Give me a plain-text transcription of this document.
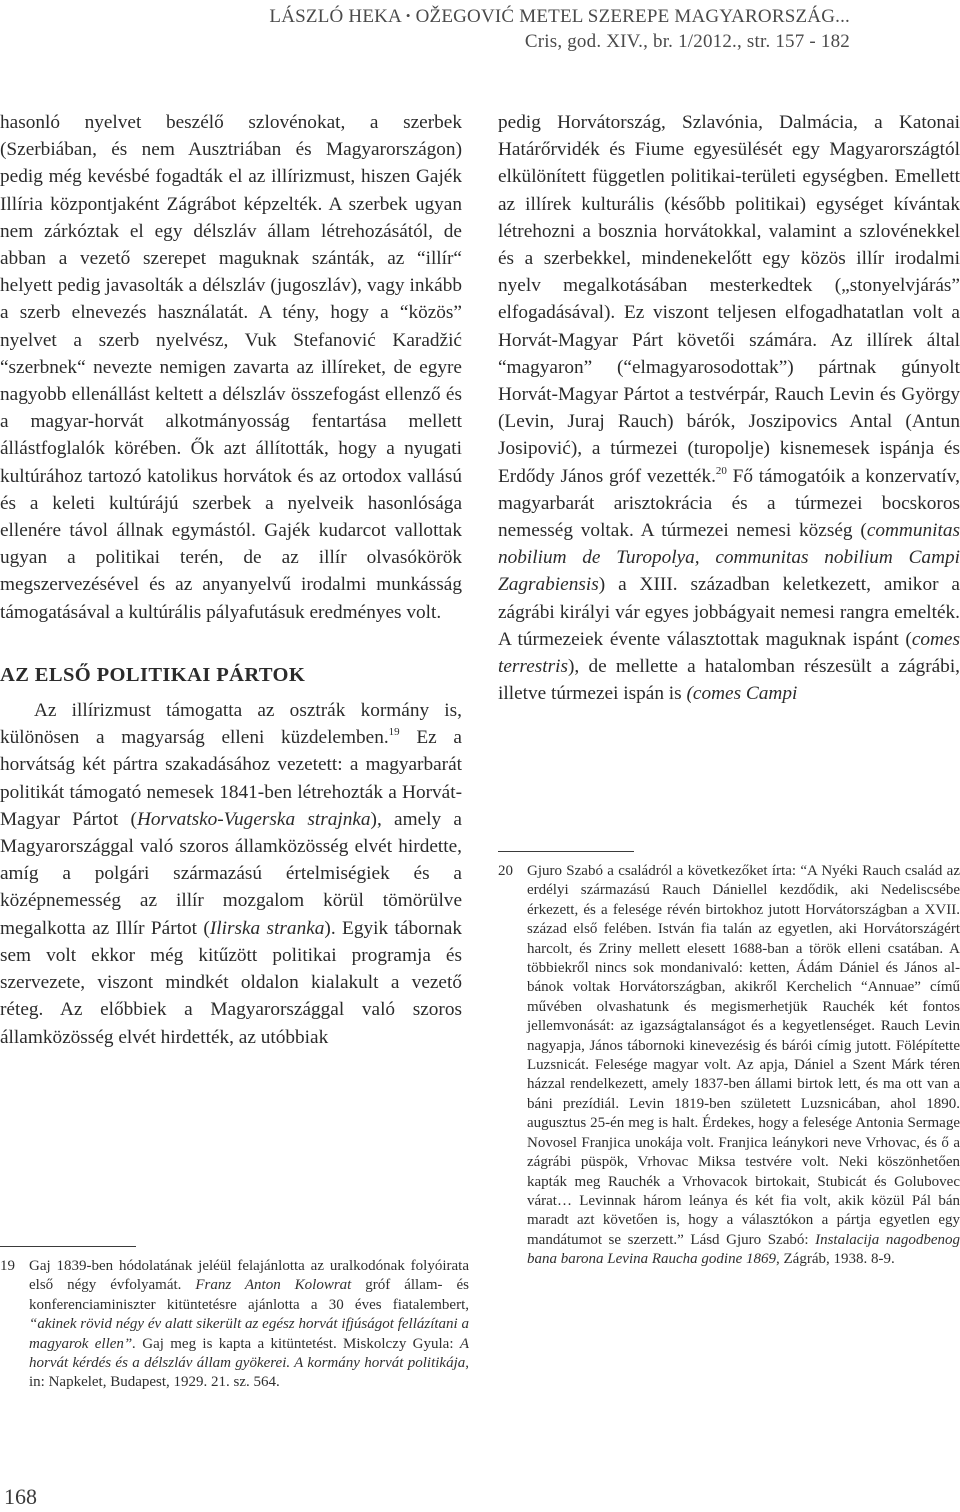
LÁSZLÓ HEKA • OŽEGOVIĆ METEL SZEREPE MAGYARORSZÁG...
Cris, god. XIV., br. 1/2012., str. 157 - 182

hasonló nyelvet beszélő szlovénokat, a szerbek (Szerbiában, és nem Ausztriában és Magyarországon) pedig még kevésbé fogadták el az illírizmust, hiszen Gajék Illíria központjaként Zágrábot képzelték. A szerbek ugyan nem zárkóztak el egy délszláv állam létrehozásától, de abban a vezető szerepet maguknak szánták, az “illír“ helyett pedig javasolták a délszláv (jugoszláv), vagy inkább a szerb elnevezés használatát. A tény, hogy a “közös” nyelvet a szerb nyelvész, Vuk Stefanović Karadžić “szerbnek“ nevezte nemigen zavarta az illíreket, de egyre nagyobb ellenállást keltett a délszláv összefogást ellenző és a magyar-horvát alkotmányosság fentartása mellett állástfoglalók körében. Ők azt állították, hogy a nyugati kultúrához tartozó katolikus horvátok és az ortodox vallású és a keleti kultúrájú szerbek a nyelveik hasonlósága ellenére távol állnak egymástól. Gajék kudarcot vallottak ugyan a politikai terén, de az illír olvasókörök megszervezésével és az anyanyelvű irodalmi munkásság támogatásával a kultúrális pályafutásuk eredményes volt.

AZ ELSŐ POLITIKAI PÁRTOK

Az illírizmust támogatta az osztrák kormány is, különösen a magyarság elleni küzdelemben.$^{19}$ Ez a horvátság két pártra szakadásához vezetett: a magyarbarát politikát támogató nemesek 1841-ben létrehozták a Horvát-Magyar Pártot (Horvatsko-Vugerska strajnka), amely a Magyarországgal való szoros államközösség elvét hirdette, amíg a polgári származású értelmiségiek és a középnemesség az illír mozgalom körül tömörülve megalkotta az Illír Pártot (Ilirska stranka). Egyik tábornak sem volt ekkor még kitűzött politikai programja és szervezete, viszont mindkét oldalon kialakult a vezető réteg. Az előbbiek a Magyarországgal való szoros államközösség elvét hirdették, az utóbbiak

pedig Horvátország, Szlavónia, Dalmácia, a Katonai Határőrvidék és Fiume egyesülését egy Magyarországtól elkülönített független politikai-területi egységben. Emellett az illírek kulturális (később politikai) egységet kívántak létrehozni a bosznia horvátokkal, valamint a szlovénekkel és a szerbekkel, mindenekelőtt egy közös illír irodalmi nyelv megalkotásában mesterkedtek („stonyelvjárás” elfogadásával). Ez viszont teljesen elfogadhatatlan volt a Horvát-Magyar Párt követői számára. Az illírek által “magyaron” (“elmagyarosodottak”) pártnak gúnyolt Horvát-Magyar Pártot a testvérpár, Rauch Levin és György (Levin, Juraj Rauch) bárók, Joszipovics Antal (Antun Josipović), a túrmezei (turopolje) kisnemesek ispánja és Erdődy János gróf vezették.$^{20}$ Fő támogatóik a konzervatív, magyarbarát arisztokrácia és a túrmezei bocskoros nemesség voltak. A túrmezei nemesi község (communitas nobilium de Turopolya, communitas nobilium Campi Zagrabiensis) a XIII. században keletkezett, amikor a zágrábi királyi vár egyes jobbágyait nemesi rangra emelték. A túrmezeiek évente választottak maguknak ispánt (comes terrestris), de mellette a hatalomban részesült a zágrábi, illetve túrmezei ispán is (comes Campi

19 Gaj 1839-ben hódolatának jeléül felajánlotta az uralkodónak folyóirata első négy évfolyamát. Franz Anton Kolowrat gróf állam- és konferenciaminiszter kitüntetésre ajánlotta a 30 éves fiatalembert, “akinek rövid négy év alatt sikerült az egész horvát ifjúságot fellázítani a magyarok ellen”. Gaj meg is kapta a kitüntetést. Miskolczy Gyula: A horvát kérdés és a délszláv állam gyökerei. A kormány horvát politikája, in: Napkelet, Budapest, 1929. 21. sz. 564.
20 Gjuro Szabó a családról a következőket írta: “A Nyéki Rauch család az erdélyi származású Rauch Dániellel kezdődik, aki Nedeliscsébe érkezett, és a felesége révén birtokhoz jutott Horvátországban a XVII. század első felében. István fia talán az egyetlen, aki Horvátországért harcolt, és Zriny mellett elesett 1688-ban a török elleni csatában. A többiekről nincs sok mondanivaló: ketten, Ádám Dániel és János al-bánok voltak Horvátországban, akikről Kerchelich “Annuae” című művében olvashatunk és megismerhetjük Rauchék két fontos jellemvonását: az igazságtalanságot és a kegyetlenséget. Rauch Levin nagyapja, János tábornoki kinevezésig és bárói címig jutott. Fölépítette Luzsnicát. Felesége magyar volt. Az apja, Dániel a Szent Márk téren házzal rendelkezett, amely 1837-ben állami birtok lett, és ma ott van a báni prezídiál. Levin 1819-ben született Luzsnicában, ahol 1890. augusztus 25-én meg is halt. Érdekes, hogy a felesége Antonia Sermage Novosel Franjica unokája volt. Franjica leánykori neve Vrhovac, és ő a zágrábi püspök, Vrhovac Miksa testvére volt. Neki köszönhetően kapták meg Rauchék a Vrhovacok birtokait, Stubicát és Golubovec várat… Levinnak három leánya és két fia volt, akik közül Pál bán maradt azt követően is, hogy a választókon a pártja egyetlen egy mandátumot se szerzett.” Lásd Gjuro Szabó: Instalacija nagodbenog bana barona Levina Raucha godine 1869, Zágráb, 1938. 8-9.
168
